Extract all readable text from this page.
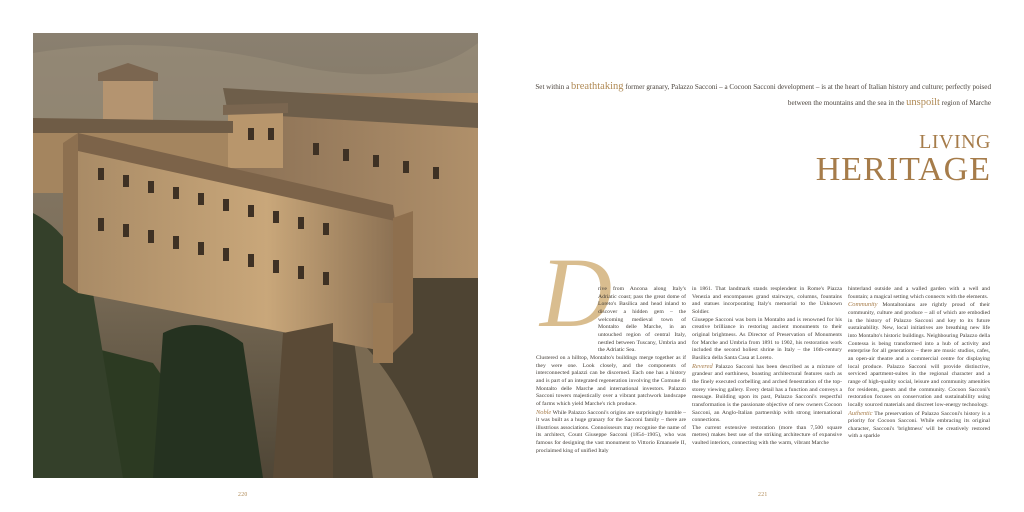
Set within a breathtaking former granary, Palazzo Sacconi – a Cocoon Sacconi development – is at the heart of Italian history and culture; perfectly poised between the mountains and the sea in the unspoilt region of Marche
LIVING
HERITAGE
D

rive from Ancona along Italy's Adriatic coast; pass the great dome of Loreto's Basilica and head inland to discover a hidden gem – the welcoming medieval town of Montalto delle Marche, in an untouched region of central Italy, nestled between Tuscany, Umbria and the Adriatic Sea.

Clustered on a hilltop, Montalto's buildings merge together as if they were one. Look closely, and the components of interconnected palazzi can be discerned. Each one has a history and is part of an integrated regeneration involving the Comune di Montalto delle Marche and international investors. Palazzo Sacconi towers majestically over a vibrant patchwork landscape of farms which yield Marche's rich produce.

Noble While Palazzo Sacconi's origins are surprisingly humble – it was built as a huge granary for the Sacconi family – there are illustrious associations. Connoisseurs may recognise the name of its architect, Count Giuseppe Sacconi (1854–1905), who was famous for designing the vast monument to Vittorio Emanuele II, proclaimed king of unified Italy

in 1861. That landmark stands resplendent in Rome's Piazza Venezia and encompasses grand stairways, columns, fountains and statues incorporating Italy's memorial to the Unknown Soldier.

Giuseppe Sacconi was born in Montalto and is renowned for his creative brilliance in restoring ancient monuments to their original brightness. As Director of Preservation of Monuments for Marche and Umbria from 1891 to 1902, his restoration work included the second holiest shrine in Italy – the 16th-century Basilica della Santa Casa at Loreto.

Revered Palazzo Sacconi has been described as a mixture of grandeur and earthiness, boasting architectural features such as the finely executed corbelling and arched fenestration of the top-storey viewing gallery. Every detail has a function and conveys a message. Building upon its past, Palazzo Sacconi's respectful transformation is the passionate objective of new owners Cocoon Sacconi, an Anglo-Italian partnership with strong international connections.

The current extensive restoration (more than 7,500 square metres) makes best use of the striking architecture of expansive vaulted interiors, connecting with the warm, vibrant Marche

hinterland outside and a walled garden with a well and fountain; a magical setting which connects with the elements.

Community Montaltonians are rightly proud of their community, culture and produce – all of which are embodied in the history of Palazzo Sacconi and key to its future sustainability. New, local initiatives are breathing new life into Montalto's historic buildings. Neighbouring Palazzo della Contessa is being transformed into a hub of activity and enterprise for all generations – there are music studios, cafes, an open-air theatre and a commercial centre for displaying local produce. Palazzo Sacconi will provide distinctive, serviced apartment-suites in the regional character and a range of high-quality social, leisure and community amenities for residents, guests and the community. Cocoon Sacconi's restoration focuses on conservation and sustainability using locally sourced materials and discreet low-energy technology.

Authentic The preservation of Palazzo Sacconi's history is a priority for Cocoon Sacconi. While embracing its original character, Sacconi's 'brightness' will be creatively restored with a sparkle

220	221
